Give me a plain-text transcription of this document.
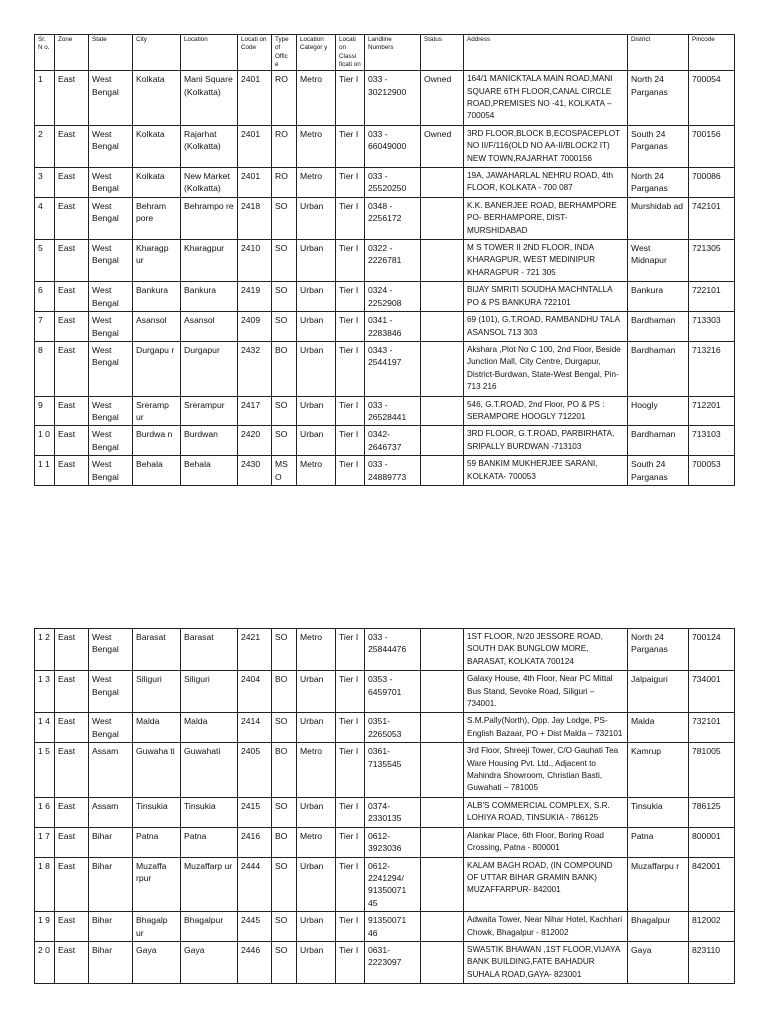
Sr. N o.	Zone	State	City	Location	Locati on Code	Type of Offic e	Location Categor y	Locati on Classi ficati on	Landline Numbers	Status	Address	District	Pincode
1	East	West Bengal	Kolkata	Mani Square (Kolkatta)	2401	RO	Metro	Tier I	033 - 30212900	Owned	164/1 MANICKTALA MAIN ROAD,MANI SQUARE 6TH FLOOR,CANAL CIRCLE ROAD,PREMISES NO -41, KOLKATA – 700054	North 24 Parganas	700054
2	East	West Bengal	Kolkata	Rajarhat (Kolkatta)	2401	RO	Metro	Tier I	033 - 66049000	Owned	3RD FLOOR,BLOCK B,ECOSPACEPLOT NO II/F/116(OLD NO AA-II/BLOCK2 IT) NEW TOWN,RAJARHAT 7000156	South 24 Parganas	700156
3	East	West Bengal	Kolkata	New Market (Kolkatta)	2401	RO	Metro	Tier I	033 - 25520250		19A, JAWAHARLAL NEHRU ROAD, 4th FLOOR, KOLKATA - 700 087	North 24 Parganas	700086
4	East	West Bengal	Behram pore	Behrampo re	2418	SO	Urban	Tier I	0348 - 2256172		K.K. BANERJEE ROAD, BERHAMPORE PO- BERHAMPORE, DIST-MURSHIDABAD	Murshidab ad	742101
5	East	West Bengal	Kharagp ur	Kharagpur	2410	SO	Urban	Tier I	0322 - 2226781		M S TOWER II 2ND FLOOR, INDA KHARAGPUR, WEST MEDINIPUR KHARAGPUR - 721 305	West Midnapur	721305
6	East	West Bengal	Bankura	Bankura	2419	SO	Urban	Tier I	0324 - 2252908		BIJAY SMRITI SOUDHA MACHNTALLA PO & PS BANKURA 722101	Bankura	722101
7	East	West Bengal	Asansol	Asansol	2409	SO	Urban	Tier I	0341 - 2283846		69 (101), G.T.ROAD, RAMBANDHU TALA ASANSOL 713 303	Bardhaman	713303
8	East	West Bengal	Durgapu r	Durgapur	2432	BO	Urban	Tier I	0343 - 2544197		Akshara ,Plot No C 100, 2nd Floor, Beside Junction Mall, City Centre, Durgapur, District-Burdwan, State-West Bengal, Pin-713 216	Bardhaman	713216
9	East	West Bengal	Sreramp ur	Srerampur	2417	SO	Urban	Tier I	033 - 26528441		546, G.T.ROAD, 2nd Floor, PO & PS : SERAMPORE HOOGLY 712201	Hoogly	712201
1 0	East	West Bengal	Burdwa n	Burdwan	2420	SO	Urban	Tier I	0342- 2646737		3RD FLOOR, G.T.ROAD, PARBIRHATA, SRIPALLY BURDWAN -713103	Bardhaman	713103
1 1	East	West Bengal	Behala	Behala	2430	MS O	Metro	Tier I	033 - 24889773		59 BANKIM MUKHERJEE SARANI, KOLKATA- 700053	South 24 Parganas	700053
1 2	East	West Bengal	Barasat	Barasat	2421	SO	Metro	Tier I	033 - 25844476		1ST FLOOR, N/20 JESSORE ROAD, SOUTH DAK BUNGLOW MORE, BARASAT, KOLKATA 700124	North 24 Parganas	700124
1 3	East	West Bengal	Siliguri	Siliguri	2404	BO	Urban	Tier I	0353 - 6459701		Galaxy House, 4th Floor, Near PC Mittal Bus Stand, Sevoke Road, Siliguri – 734001.	Jalpaiguri	734001
1 4	East	West Bengal	Malda	Malda	2414	SO	Urban	Tier I	0351- 2265053		S.M.Pally(North), Opp. Jay Lodge, PS-English Bazaar, PO + Dist Malda – 732101	Malda	732101
1 5	East	Assam	Guwaha ti	Guwahati	2405	BO	Metro	Tier I	0361- 7135545		3rd Floor, Shreeji Tower, C/O Gauhati Tea Ware Housing Pvt. Ltd., Adjacent to Mahindra Showroom, Christian Basti, Guwahati – 781005	Kamrup	781005
1 6	East	Assam	Tinsukia	Tinsukia	2415	SO	Urban	Tier I	0374- 2330135		ALB'S COMMERCIAL COMPLEX, S.R. LOHIYA ROAD, TINSUKIA - 786125	Tinsukia	786125
1 7	East	Bihar	Patna	Patna	2416	BO	Metro	Tier I	0612- 3923036		Alankar Place, 6th Floor, Boring Road Crossing, Patna - 800001	Patna	800001
1 8	East	Bihar	Muzaffa rpur	Muzaffarp ur	2444	SO	Urban	Tier I	0612- 2241294/ 91350071 45		KALAM BAGH ROAD, (IN COMPOUND OF UTTAR BIHAR GRAMIN BANK) MUZAFFARPUR- 842001	Muzaffarpu r	842001
1 9	East	Bihar	Bhagalp ur	Bhagalpur	2445	SO	Urban	Tier I	91350071 46		Adwaita Tower, Near Nihar Hotel, Kachhari Chowk, Bhagalpur - 812002	Bhagalpur	812002
2 0	East	Bihar	Gaya	Gaya	2446	SO	Urban	Tier I	0631- 2223097		SWASTIK BHAWAN ,1ST FLOOR,VIJAYA BANK BUILDING,FATE BAHADUR SUHALA ROAD,GAYA- 823001	Gaya	823110
